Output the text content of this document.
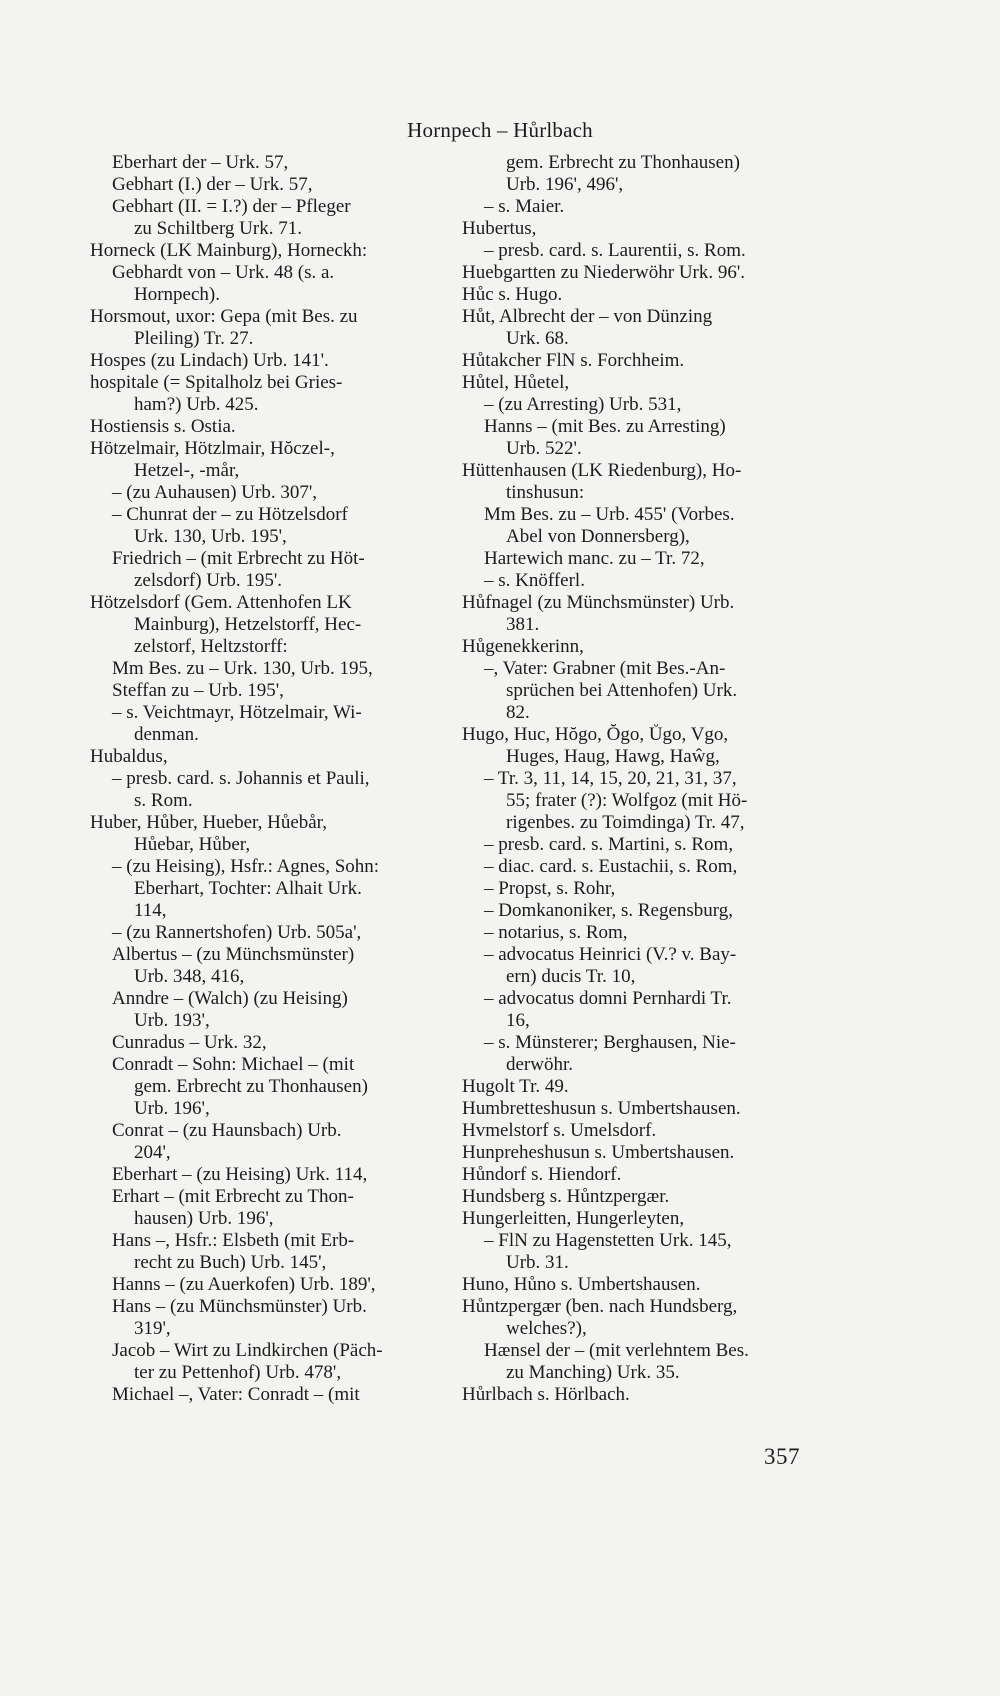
Hornpech – Hůrlbach
Eberhart der – Urk. 57,
Gebhart (I.) der – Urk. 57,
Gebhart (II. = I.?) der – Pfleger
zu Schiltberg Urk. 71.
Horneck (LK Mainburg), Horneckh:
Gebhardt von – Urk. 48 (s. a.
Hornpech).
Horsmout, uxor: Gepa (mit Bes. zu
Pleiling) Tr. 27.
Hospes (zu Lindach) Urb. 141'.
hospitale (= Spitalholz bei Gries-
ham?) Urb. 425.
Hostiensis s. Ostia.
Hötzelmair, Hötzlmair, Hŏczel-,
Hetzel-, -mår,
– (zu Auhausen) Urb. 307',
– Chunrat der – zu Hötzelsdorf
Urk. 130, Urb. 195',
Friedrich – (mit Erbrecht zu Höt-
zelsdorf) Urb. 195'.
Hötzelsdorf (Gem. Attenhofen LK
Mainburg), Hetzelstorff, Hec-
zelstorf, Heltzstorff:
Mm Bes. zu – Urk. 130, Urb. 195,
Steffan zu – Urb. 195',
– s. Veichtmayr, Hötzelmair, Wi-
denman.
Hubaldus,
– presb. card. s. Johannis et Pauli,
s. Rom.
Huber, Hůber, Hueber, Hůebår,
Hůebar, Hůber,
– (zu Heising), Hsfr.: Agnes, Sohn:
Eberhart, Tochter: Alhait Urk.
114,
– (zu Rannertshofen) Urb. 505a',
Albertus – (zu Münchsmünster)
Urb. 348, 416,
Anndre – (Walch) (zu Heising)
Urb. 193',
Cunradus – Urk. 32,
Conradt – Sohn: Michael – (mit
gem. Erbrecht zu Thonhausen)
Urb. 196',
Conrat – (zu Haunsbach) Urb.
204',
Eberhart – (zu Heising) Urk. 114,
Erhart – (mit Erbrecht zu Thon-
hausen) Urb. 196',
Hans –, Hsfr.: Elsbeth (mit Erb-
recht zu Buch) Urb. 145',
Hanns – (zu Auerkofen) Urb. 189',
Hans – (zu Münchsmünster) Urb.
319',
Jacob – Wirt zu Lindkirchen (Päch-
ter zu Pettenhof) Urb. 478',
Michael –, Vater: Conradt – (mit
gem. Erbrecht zu Thonhausen)
Urb. 196', 496',
– s. Maier.
Hubertus,
– presb. card. s. Laurentii, s. Rom.
Huebgartten zu Niederwöhr Urk. 96'.
Hůc s. Hugo.
Hůt, Albrecht der – von Dünzing
Urk. 68.
Hůtakcher FlN s. Forchheim.
Hůtel, Hůetel,
– (zu Arresting) Urb. 531,
Hanns – (mit Bes. zu Arresting)
Urb. 522'.
Hüttenhausen (LK Riedenburg), Ho-
tinshusun:
Mm Bes. zu – Urb. 455' (Vorbes.
Abel von Donnersberg),
Hartewich manc. zu – Tr. 72,
– s. Knöfferl.
Hůfnagel (zu Münchsmünster) Urb.
381.
Hůgenekkerinn,
–, Vater: Grabner (mit Bes.-An-
sprüchen bei Attenhofen) Urk.
82.
Hugo, Huc, Hŏgo, Ŏgo, Ůgo, Vgo,
Huges, Haug, Hawg, Haŵg,
– Tr. 3, 11, 14, 15, 20, 21, 31, 37,
55; frater (?): Wolfgoz (mit Hö-
rigenbes. zu Toimdinga) Tr. 47,
– presb. card. s. Martini, s. Rom,
– diac. card. s. Eustachii, s. Rom,
– Propst, s. Rohr,
– Domkanoniker, s. Regensburg,
– notarius, s. Rom,
– advocatus Heinrici (V.? v. Bay-
ern) ducis Tr. 10,
– advocatus domni Pernhardi Tr.
16,
– s. Münsterer; Berghausen, Nie-
derwöhr.
Hugolt Tr. 49.
Humbretteshusun s. Umbertshausen.
Hvmelstorf s. Umelsdorf.
Hunpreheshusun s. Umbertshausen.
Hůndorf s. Hiendorf.
Hundsberg s. Hůntzpergær.
Hungerleitten, Hungerleyten,
– FlN zu Hagenstetten Urk. 145,
Urb. 31.
Huno, Hůno s. Umbertshausen.
Hůntzpergær (ben. nach Hundsberg,
welches?),
Hænsel der – (mit verlehntem Bes.
zu Manching) Urk. 35.
Hůrlbach s. Hörlbach.
357
